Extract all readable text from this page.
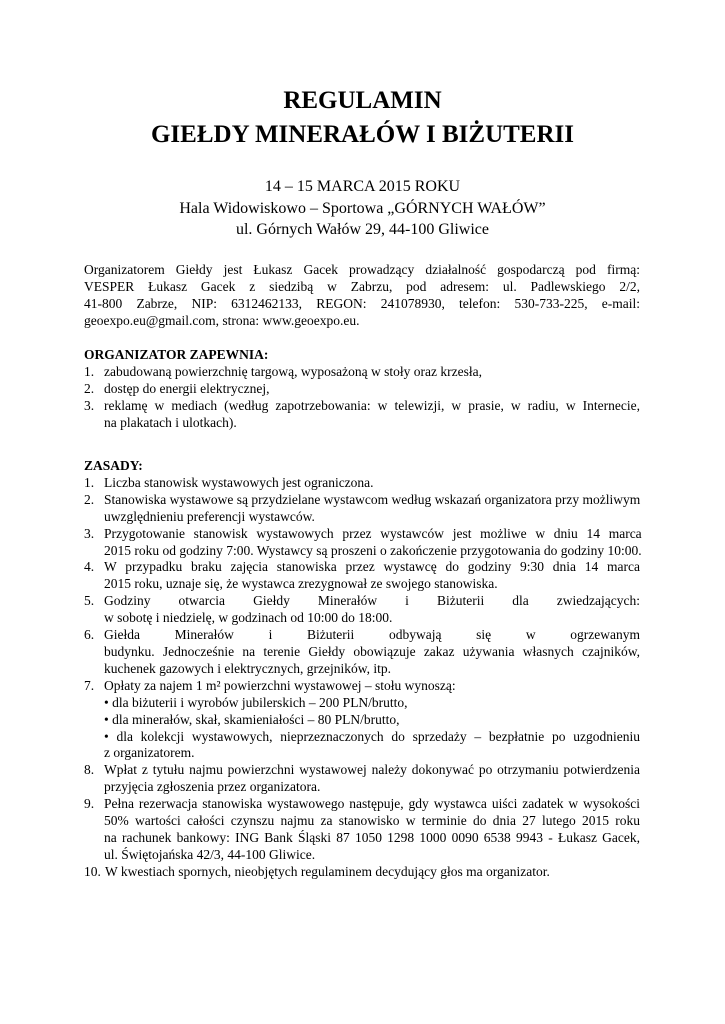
REGULAMIN
GIEŁDY MINERAŁÓW I BIŻUTERII
14 – 15 MARCA 2015 ROKU
Hala Widowiskowo – Sportowa „GÓRNYCH WAŁÓW”
ul. Górnych Wałów 29, 44-100 Gliwice
Organizatorem Giełdy jest Łukasz Gacek prowadzący działalność gospodarczą pod firmą:
VESPER Łukasz Gacek z siedzibą w Zabrzu, pod adresem: ul. Padlewskiego 2/2,
41-800 Zabrze, NIP: 6312462133, REGON: 241078930, telefon: 530-733-225, e-mail:
geoexpo.eu@gmail.com, strona: www.geoexpo.eu.
ORGANIZATOR ZAPEWNIA:
1. zabudowaną powierzchnię targową, wyposażoną w stoły oraz krzesła,
2. dostęp do energii elektrycznej,
3. reklamę w mediach (według zapotrzebowania: w telewizji, w prasie, w radiu, w Internecie,
na plakatach i ulotkach).
ZASADY:
1. Liczba stanowisk wystawowych jest ograniczona.
2. Stanowiska wystawowe są przydzielane wystawcom według wskazań organizatora przy możliwym
uwzględnieniu preferencji wystawców.
3. Przygotowanie stanowisk wystawowych przez wystawców jest możliwe w dniu 14 marca
2015 roku od godziny 7:00. Wystawcy są proszeni o zakończenie przygotowania do godziny 10:00.
4. W przypadku braku zajęcia stanowiska przez wystawcę do godziny 9:30 dnia 14 marca
2015 roku, uznaje się, że wystawca zrezygnował ze swojego stanowiska.
5. Godziny otwarcia Giełdy Minerałów i Biżuterii dla zwiedzających:
w sobotę i niedzielę, w godzinach od 10:00 do 18:00.
6. Giełda Minerałów i Biżuterii odbywają się w ogrzewanym
budynku. Jednocześnie na terenie Giełdy obowiązuje zakaz używania własnych czajników,
kuchenek gazowych i elektrycznych, grzejników, itp.
7. Opłaty za najem 1 m² powierzchni wystawowej – stołu wynoszą:
• dla biżuterii i wyrobów jubilerskich – 200 PLN/brutto,
• dla minerałów, skał, skamieniałości – 80 PLN/brutto,
• dla kolekcji wystawowych, nieprzeznaczonych do sprzedaży – bezpłatnie po uzgodnieniu
z organizatorem.
8. Wpłat z tytułu najmu powierzchni wystawowej należy dokonywać po otrzymaniu potwierdzenia
przyjęcia zgłoszenia przez organizatora.
9. Pełna rezerwacja stanowiska wystawowego następuje, gdy wystawca uiści zadatek w wysokości
50% wartości całości czynszu najmu za stanowisko w terminie do dnia 27 lutego 2015 roku
na rachunek bankowy: ING Bank Śląski 87 1050 1298 1000 0090 6538 9943 - Łukasz Gacek,
ul. Świętojańska 42/3, 44-100 Gliwice.
10. W kwestiach spornych, nieobjętych regulaminem decydujący głos ma organizator.
